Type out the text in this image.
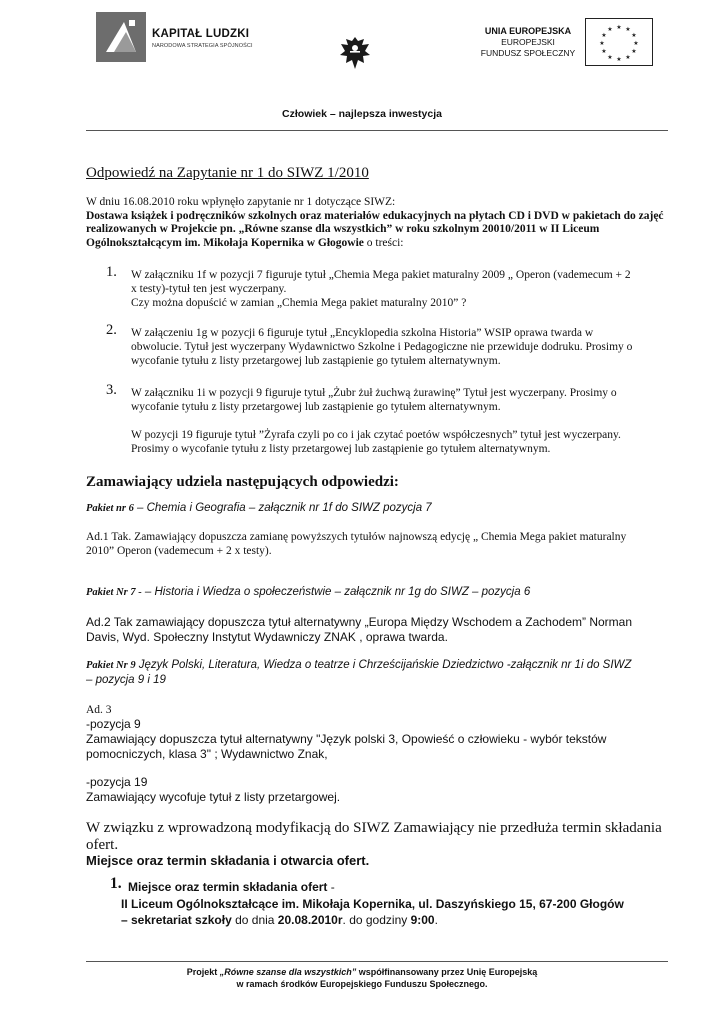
KAPITAŁ LUDZKI
NARODOWA STRATEGIA SPÓJNOŚCI
UNIA EUROPEJSKA
EUROPEJSKI
FUNDUSZ SPOŁECZNY
★ ★
★
★
★
★
★
★
★
★
★
★
Człowiek – najlepsza inwestycja
Odpowiedź na Zapytanie nr 1 do SIWZ 1/2010

W dniu 16.08.2010 roku wpłynęło zapytanie nr 1 dotyczące SIWZ:

Dostawa książek i podręczników szkolnych oraz materiałów edukacyjnych na płytach CD i DVD w pakietach do zajęć realizowanych w Projekcie pn. „Równe szanse dla wszystkich” w roku szkolnym 20010/2011 w II Liceum Ogólnokształcącym im. Mikołaja Kopernika w Głogowie o treści:

1. W załączniku 1f w pozycji 7 figuruje tytuł „Chemia Mega pakiet maturalny 2009 „ Operon (vademecum + 2

x testy)-tytuł ten jest wyczerpany.

Czy można dopuścić w zamian „Chemia Mega pakiet maturalny 2010” ?

2. W załączeniu 1g w pozycji 6 figuruje tytuł „Encyklopedia szkolna Historia” WSIP oprawa twarda w

obwolucie. Tytuł jest wyczerpany Wydawnictwo Szkolne i Pedagogiczne nie przewiduje dodruku. Prosimy o

wycofanie tytułu z listy przetargowej lub zastąpienie go tytułem alternatywnym.

3. W załączniku 1i w pozycji 9 figuruje tytuł „Żubr żuł żuchwą żurawinę” Tytuł jest wyczerpany. Prosimy o

wycofanie tytułu z listy przetargowej lub zastąpienie go tytułem alternatywnym.

W pozycji 19 figuruje tytuł ”Żyrafa czyli po co i jak czytać poetów współczesnych” tytuł jest wyczerpany.

Prosimy o wycofanie tytułu z listy przetargowej lub zastąpienie go tytułem alternatywnym.

Zamawiający udziela następujących odpowiedzi:
Pakiet nr 6 – Chemia i Geografia – załącznik nr 1f do SIWZ pozycja 7

Ad.1 Tak. Zamawiający dopuszcza zamianę powyższych tytułów najnowszą edycję „ Chemia Mega pakiet maturalny

2010” Operon (vademecum + 2 x testy).

Pakiet Nr 7 - – Historia i Wiedza o społeczeństwie – załącznik nr 1g do SIWZ – pozycja 6

Ad.2 Tak zamawiający dopuszcza tytuł alternatywny „Europa Między Wschodem a Zachodem” Norman

Davis, Wyd. Społeczny Instytut Wydawniczy ZNAK , oprawa twarda.

Pakiet Nr 9 Język Polski, Literatura, Wiedza o teatrze i Chrześcijańskie Dziedzictwo -załącznik nr 1i do SIWZ
– pozycja 9 i 19
Ad. 3

-pozycja 9

Zamawiający dopuszcza tytuł alternatywny "Język polski 3, Opowieść o człowieku - wybór tekstów

pomocniczych, klasa 3" ; Wydawnictwo Znak,

-pozycja 19

Zamawiający wycofuje tytuł z listy przetargowej.

W związku z wprowadzoną modyfikacją do SIWZ Zamawiający nie przedłuża termin składania

ofert.

Miejsce oraz termin składania i otwarcia ofert.
1. Miejsce oraz termin składania ofert -

II Liceum Ogólnokształcące im. Mikołaja Kopernika, ul. Daszyńskiego 15, 67-200 Głogów

– sekretariat szkoły do dnia 20.08.2010r. do godziny 9:00.

Projekt „Równe szanse dla wszystkich” współfinansowany przez Unię Europejską
w ramach środków Europejskiego Funduszu Społecznego.
